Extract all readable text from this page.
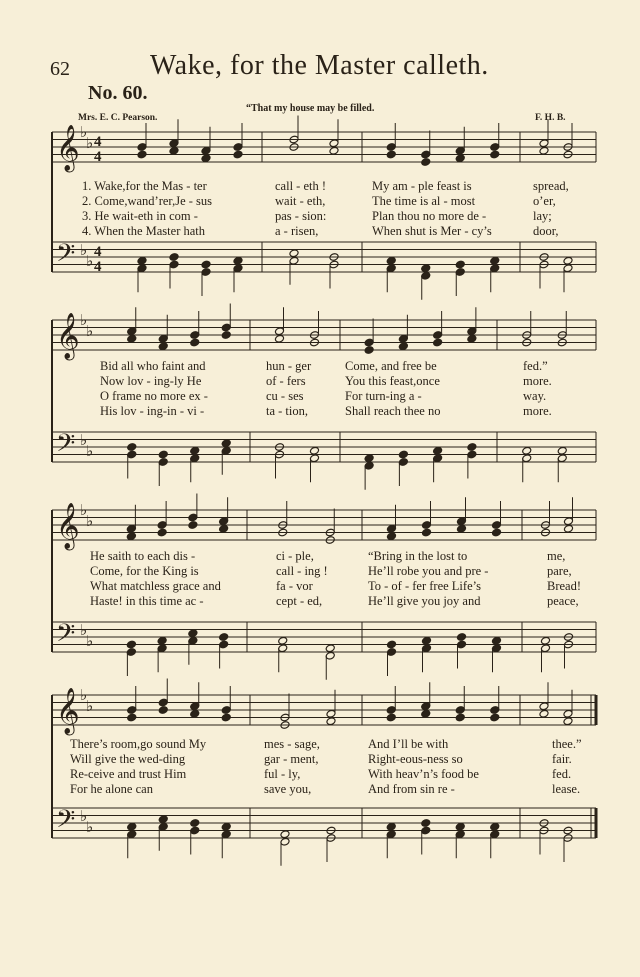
62	Wake, for the Master calleth.
No. 60.
“That my house may be filled.
Mrs. E. C. Pearson.	F. H. B.
𝄞
𝄢
♭
♭
♭
♭
4
4
4
4
𝄞
𝄢
♭
♭
♭
♭
𝄞
𝄢
♭
♭
♭
♭
𝄞
𝄢
♭
♭
♭
♭
1. Wake,for the Mas - ter	call - eth !	My am - ple feast is	spread,
2. Come,wand’rer,Je - sus	wait - eth,	The time is al - most	o’er,
3. He wait-eth in com -	pas - sion:	Plan thou no more de -	lay;
4. When the Master hath	a - risen,	When shut is Mer - cy’s	door,
Bid all who faint and	hun - ger	Come, and free be	fed.”
Now lov - ing-ly He	of - fers	You this feast,once	more.
O frame no more ex -	cu - ses	For turn-ing a -	way.
His lov - ing-in - vi -	ta - tion,	Shall reach thee no	more.
He saith to each dis -	ci - ple,	“Bring in the lost to	me,
Come, for the King is	call - ing !	He’ll robe you and pre -	pare,
What matchless grace and	fa - vor	To - of - fer free Life’s	Bread!
Haste! in this time ac -	cept - ed,	He’ll give you joy and	peace,
There’s room,go sound My	mes - sage,	And I’ll be with	thee.”
Will give the wed-ding	gar - ment,	Right-eous-ness so	fair.
Re-ceive and trust Him	ful - ly,	With heav’n’s food be	fed.
For he alone can	save you,	And from sin re -	lease.
